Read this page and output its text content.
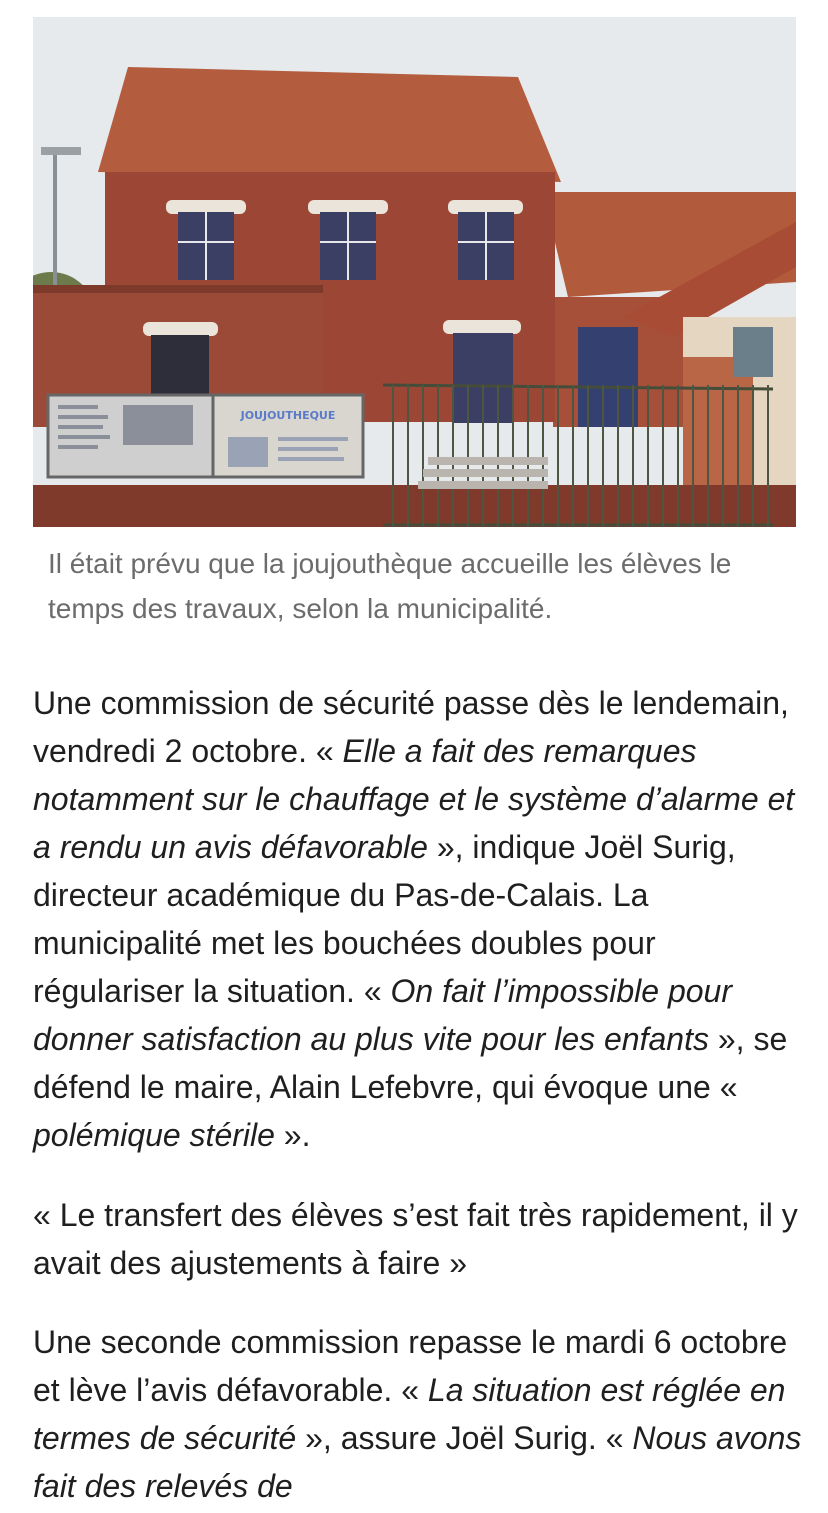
JOUJOUTHEQUE
Il était prévu que la joujouthèque accueille les élèves le temps des travaux, selon la municipalité.

Une commission de sécurité passe dès le lendemain, vendredi 2 octobre. « Elle a fait des remarques notamment sur le chauffage et le système d’alarme et a rendu un avis défavorable », indique Joël Surig, directeur académique du Pas-de-Calais. La municipalité met les bouchées doubles pour régulariser la situation. « On fait l’impossible pour donner satisfaction au plus vite pour les enfants », se défend le maire, Alain Lefebvre, qui évoque une « polémique stérile ».

« Le transfert des élèves s’est fait très rapidement, il y avait des ajustements à faire »

Une seconde commission repasse le mardi 6 octobre et lève l’avis défavorable. « La situation est réglée en termes de sécurité », assure Joël Surig. « Nous avons fait des relevés de
